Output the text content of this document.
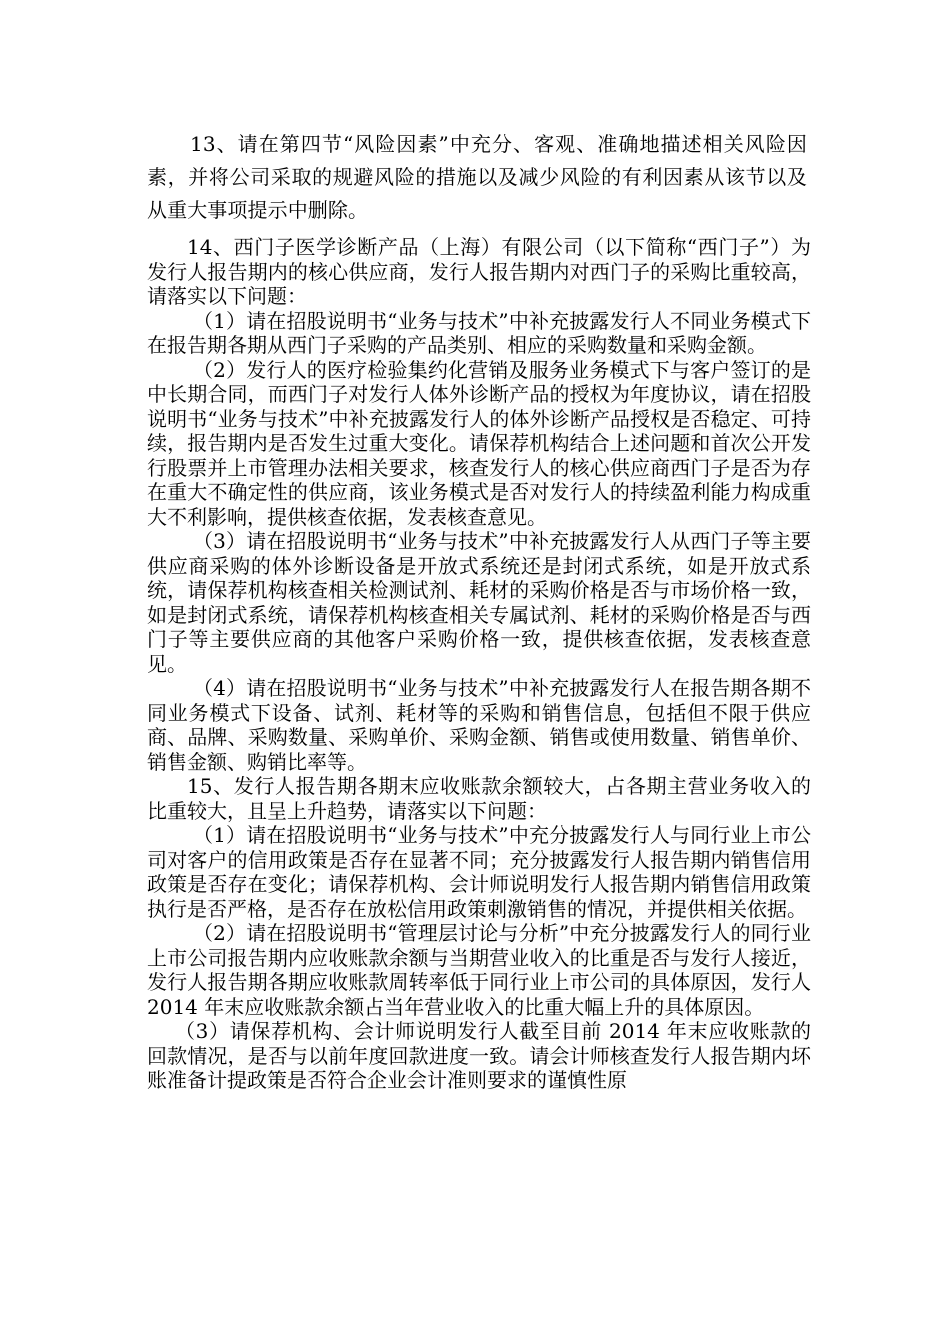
13、请在第四节“风险因素”中充分、客观、准确地描述相关风险因素，并将公司采取的规避风险的措施以及减少风险的有利因素从该节以及从重大事项提示中删除。

14、西门子医学诊断产品（上海）有限公司（以下简称“西门子”）为发行人报告期内的核心供应商，发行人报告期内对西门子的采购比重较高，请落实以下问题：

（1）请在招股说明书“业务与技术”中补充披露发行人不同业务模式下在报告期各期从西门子采购的产品类别、相应的采购数量和采购金额。

（2）发行人的医疗检验集约化营销及服务业务模式下与客户签订的是中长期合同，而西门子对发行人体外诊断产品的授权为年度协议，请在招股说明书“业务与技术”中补充披露发行人的体外诊断产品授权是否稳定、可持续，报告期内是否发生过重大变化。请保荐机构结合上述问题和首次公开发行股票并上市管理办法相关要求，核查发行人的核心供应商西门子是否为存在重大不确定性的供应商，该业务模式是否对发行人的持续盈利能力构成重大不利影响，提供核查依据，发表核查意见。

（3）请在招股说明书“业务与技术”中补充披露发行人从西门子等主要供应商采购的体外诊断设备是开放式系统还是封闭式系统，如是开放式系统，请保荐机构核查相关检测试剂、耗材的采购价格是否与市场价格一致，如是封闭式系统，请保荐机构核查相关专属试剂、耗材的采购价格是否与西门子等主要供应商的其他客户采购价格一致，提供核查依据，发表核查意见。

（4）请在招股说明书“业务与技术”中补充披露发行人在报告期各期不同业务模式下设备、试剂、耗材等的采购和销售信息，包括但不限于供应商、品牌、采购数量、采购单价、采购金额、销售或使用数量、销售单价、销售金额、购销比率等。

15、发行人报告期各期末应收账款余额较大，占各期主营业务收入的比重较大，且呈上升趋势，请落实以下问题：

（1）请在招股说明书“业务与技术”中充分披露发行人与同行业上市公司对客户的信用政策是否存在显著不同；充分披露发行人报告期内销售信用政策是否存在变化；请保荐机构、会计师说明发行人报告期内销售信用政策执行是否严格，是否存在放松信用政策刺激销售的情况，并提供相关依据。

（2）请在招股说明书“管理层讨论与分析”中充分披露发行人的同行业上市公司报告期内应收账款余额与当期营业收入的比重是否与发行人接近，发行人报告期各期应收账款周转率低于同行业上市公司的具体原因，发行人 2014 年末应收账款余额占当年营业收入的比重大幅上升的具体原因。

（3）请保荐机构、会计师说明发行人截至目前 2014 年末应收账款的回款情况，是否与以前年度回款进度一致。请会计师核查发行人报告期内坏账准备计提政策是否符合企业会计准则要求的谨慎性原
